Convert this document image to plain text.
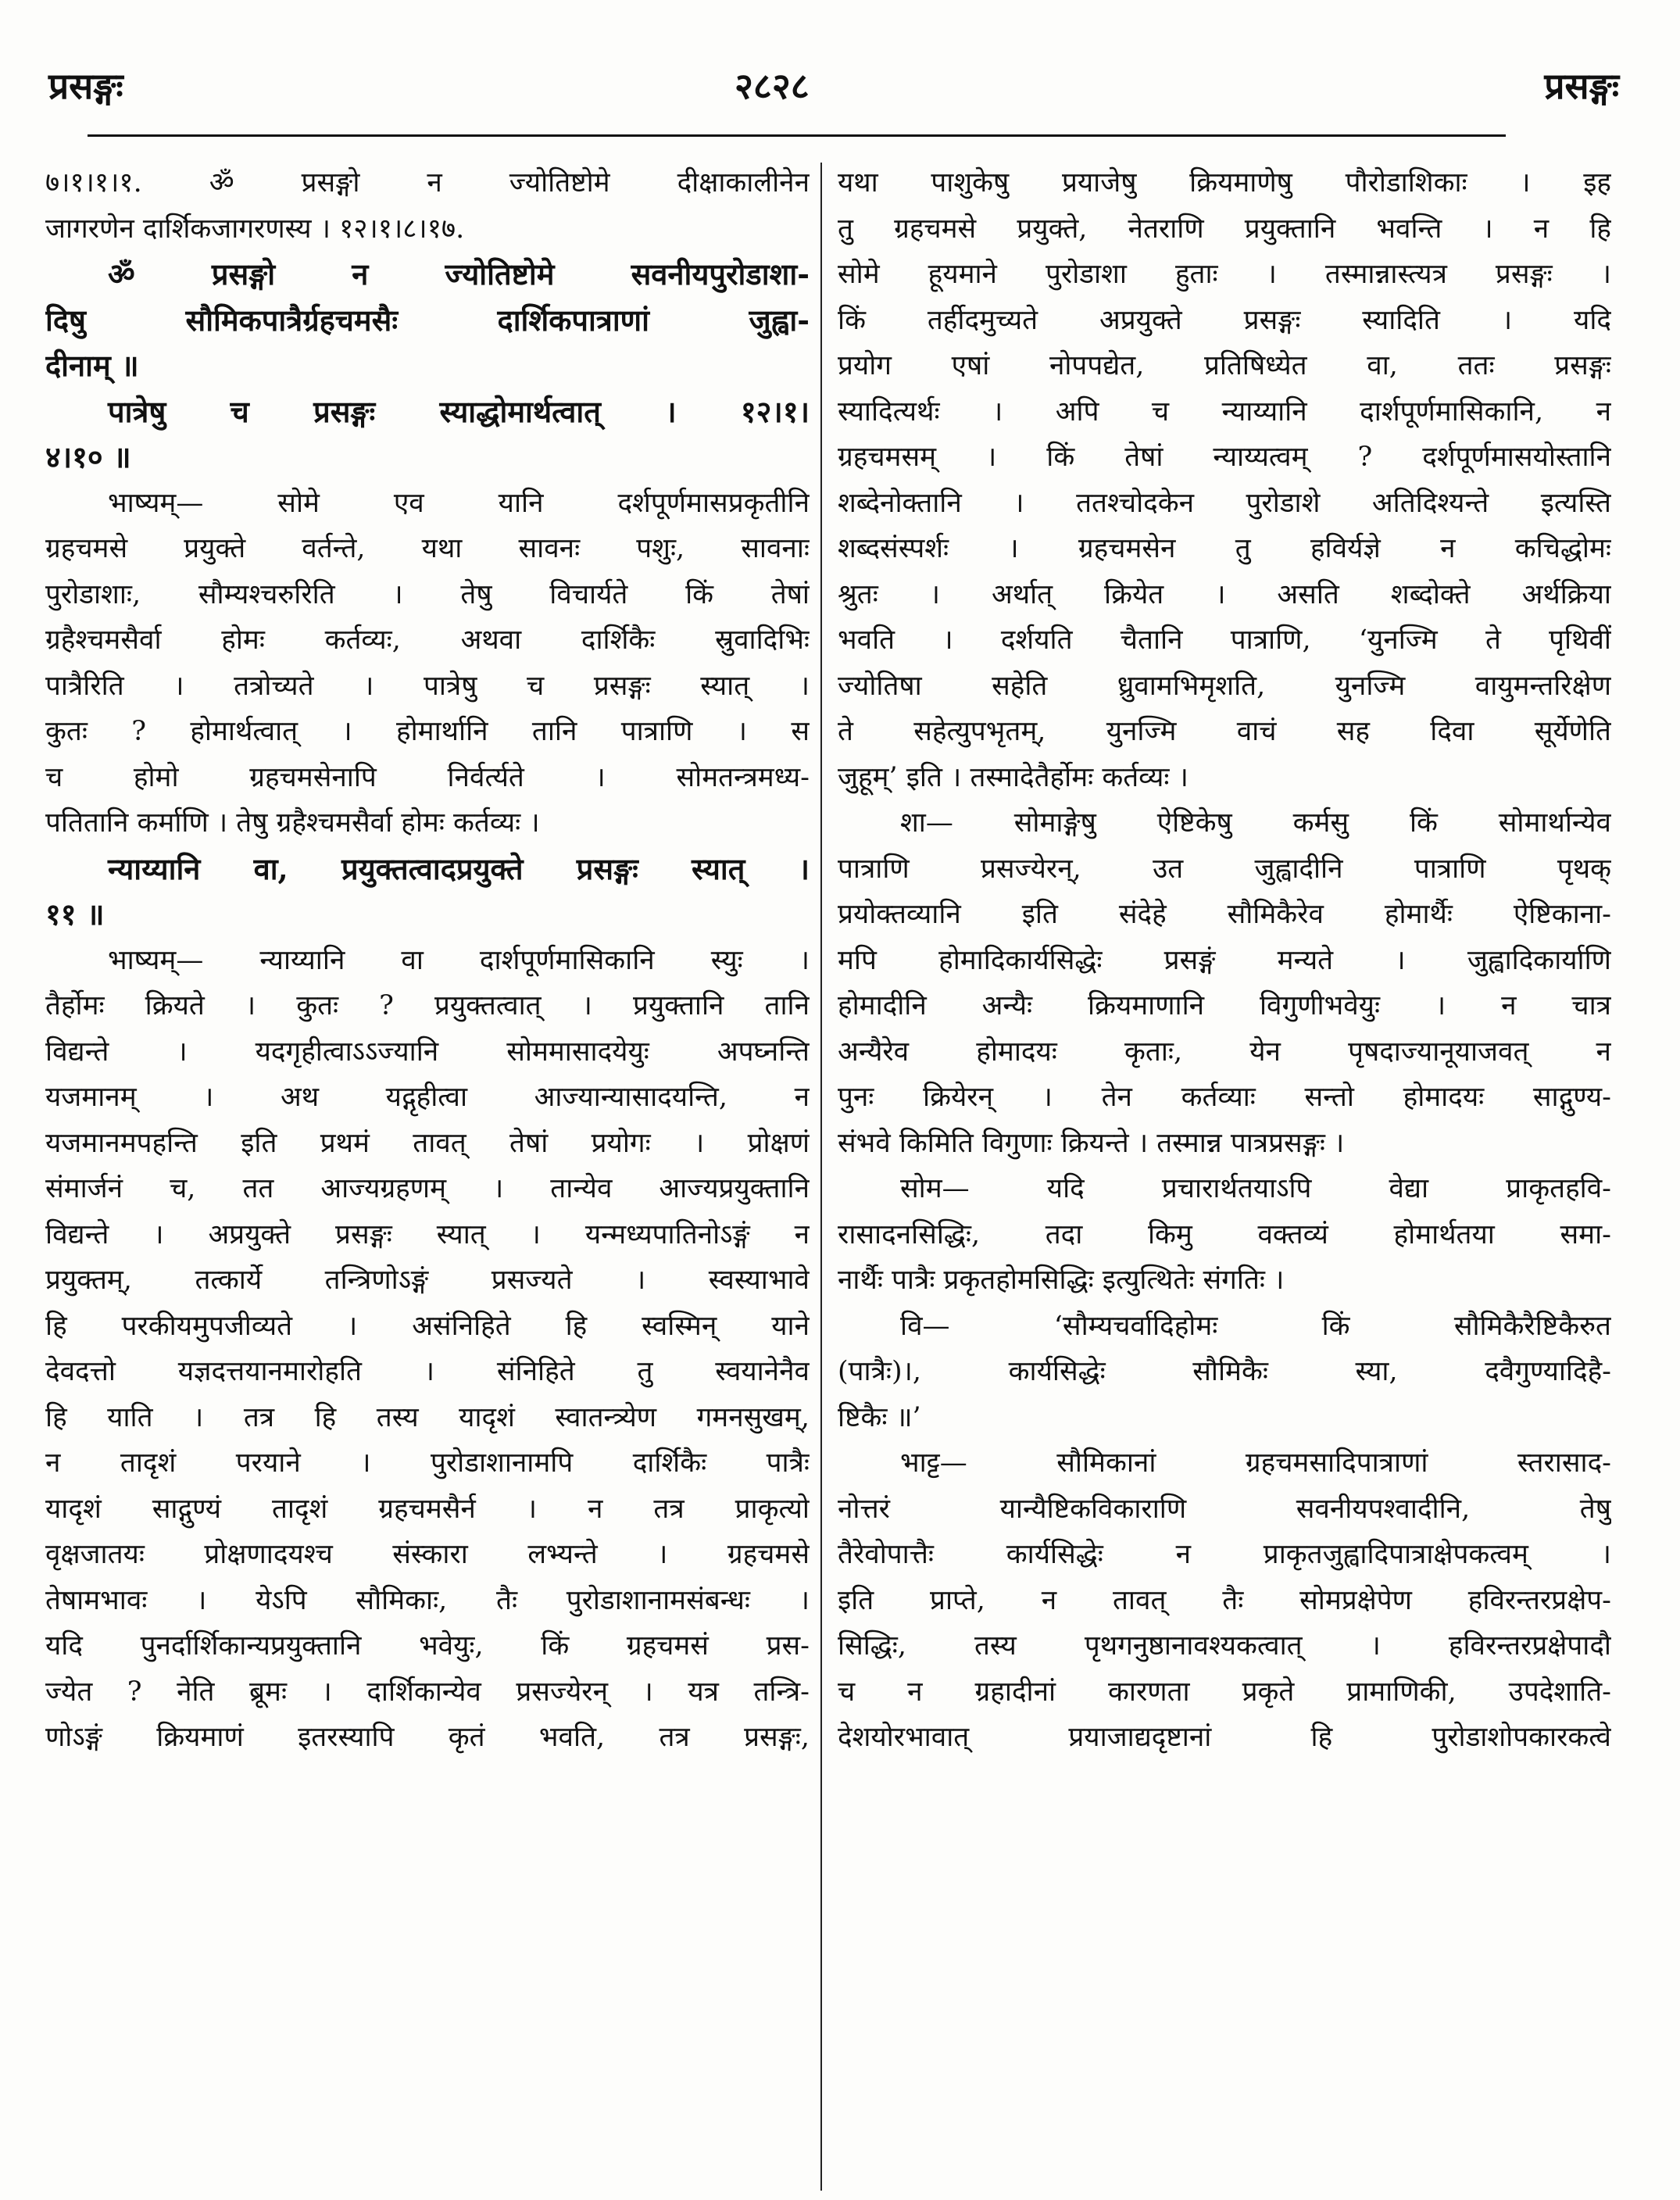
प्रसङ्गः	२८२८	प्रसङ्गः
७।१।१।१. ॐ प्रसङ्गो न ज्योतिष्टोमे दीक्षाकालीनेन
जागरणेन दार्शिकजागरणस्य । १२।१।८।१७.
ॐ प्रसङ्गो न ज्योतिष्टोमे सवनीयपुरोडाशा-
दिषु सौमिकपात्रैर्ग्रहचमसैः दार्शिकपात्राणां जुह्वा-
दीनाम् ॥
पात्रेषु च प्रसङ्गः स्याद्धोमार्थत्वात् । १२।१।
४।१० ॥
भाष्यम्— सोमे एव यानि दर्शपूर्णमासप्रकृतीनि
ग्रहचमसे प्रयुक्ते वर्तन्ते, यथा सावनः पशुः, सावनाः
पुरोडाशाः, सौम्यश्चरुरिति । तेषु विचार्यते किं तेषां
ग्रहैश्चमसैर्वा होमः कर्तव्यः, अथवा दार्शिकैः स्रुवादिभिः
पात्रैरिति । तत्रोच्यते । पात्रेषु च प्रसङ्गः स्यात् ।
कुतः ? होमार्थत्वात् । होमार्थानि तानि पात्राणि । स
च होमो ग्रहचमसेनापि निर्वर्त्यते । सोमतन्त्रमध्य-
पतितानि कर्माणि । तेषु ग्रहैश्चमसैर्वा होमः कर्तव्यः ।
न्याय्यानि वा, प्रयुक्तत्वादप्रयुक्ते प्रसङ्गः स्यात् ।
११ ॥
भाष्यम्— न्याय्यानि वा दार्शपूर्णमासिकानि स्युः ।
तैर्होमः क्रियते । कुतः ? प्रयुक्तत्वात् । प्रयुक्तानि तानि
विद्यन्ते । यदगृहीत्वाऽऽज्यानि सोममासादयेयुः अपघ्नन्ति
यजमानम् । अथ यद्गृहीत्वा आज्यान्यासादयन्ति, न
यजमानमपहन्ति इति प्रथमं तावत् तेषां प्रयोगः । प्रोक्षणं
संमार्जनं च, तत आज्यग्रहणम् । तान्येव आज्यप्रयुक्तानि
विद्यन्ते । अप्रयुक्ते प्रसङ्गः स्यात् । यन्मध्यपातिनोऽङ्गं न
प्रयुक्तम्, तत्कार्ये तन्त्रिणोऽङ्गं प्रसज्यते । स्वस्याभावे
हि परकीयमुपजीव्यते । असंनिहिते हि स्वस्मिन् याने
देवदत्तो यज्ञदत्तयानमारोहति । संनिहिते तु स्वयानेनैव
हि याति । तत्र हि तस्य यादृशं स्वातन्त्र्येण गमनसुखम्,
न तादृशं परयाने । पुरोडाशानामपि दार्शिकैः पात्रैः
यादृशं साद्गुण्यं तादृशं ग्रहचमसैर्न । न तत्र प्राकृत्यो
वृक्षजातयः प्रोक्षणादयश्च संस्कारा लभ्यन्ते । ग्रहचमसे
तेषामभावः । येऽपि सौमिकाः, तैः पुरोडाशानामसंबन्धः ।
यदि पुनर्दार्शिकान्यप्रयुक्तानि भवेयुः, किं ग्रहचमसं प्रस-
ज्येत ? नेति ब्रूमः । दार्शिकान्येव प्रसज्येरन् । यत्र तन्त्रि-
णोऽङ्गं क्रियमाणं इतरस्यापि कृतं भवति, तत्र प्रसङ्गः,
यथा पाशुकेषु प्रयाजेषु क्रियमाणेषु पौरोडाशिकाः । इह
तु ग्रहचमसे प्रयुक्ते, नेतराणि प्रयुक्तानि भवन्ति । न हि
सोमे हूयमाने पुरोडाशा हुताः । तस्मान्नास्त्यत्र प्रसङ्गः ।
किं तर्हीदमुच्यते अप्रयुक्ते प्रसङ्गः स्यादिति । यदि
प्रयोग एषां नोपपद्येत, प्रतिषिध्येत वा, ततः प्रसङ्गः
स्यादित्यर्थः । अपि च न्याय्यानि दार्शपूर्णमासिकानि, न
ग्रहचमसम् । किं तेषां न्याय्यत्वम् ? दर्शपूर्णमासयोस्तानि
शब्देनोक्तानि । ततश्चोदकेन पुरोडाशे अतिदिश्यन्ते इत्यस्ति
शब्दसंस्पर्शः । ग्रहचमसेन तु हविर्यज्ञे न कचिद्धोमः
श्रुतः । अर्थात् क्रियेत । असति शब्दोक्ते अर्थक्रिया
भवति । दर्शयति चैतानि पात्राणि, ‘युनज्मि ते पृथिवीं
ज्योतिषा सहेति ध्रुवामभिमृशति, युनज्मि वायुमन्तरिक्षेण
ते सहेत्युपभृतम्, युनज्मि वाचं सह दिवा सूर्येणेति
जुहूम्’ इति । तस्मादेतैर्होमः कर्तव्यः ।
शा— सोमाङ्गेषु ऐष्टिकेषु कर्मसु किं सोमार्थान्येव
पात्राणि प्रसज्येरन्, उत जुह्वादीनि पात्राणि पृथक्
प्रयोक्तव्यानि इति संदेहे सौमिकैरेव होमार्थैः ऐष्टिकाना-
मपि होमादिकार्यसिद्धेः प्रसङ्गं मन्यते । जुह्वादिकार्याणि
होमादीनि अन्यैः क्रियमाणानि विगुणीभवेयुः । न चात्र
अन्यैरेव होमादयः कृताः, येन पृषदाज्यानूयाजवत् न
पुनः क्रियेरन् । तेन कर्तव्याः सन्तो होमादयः साद्गुण्य-
संभवे किमिति विगुणाः क्रियन्ते । तस्मान्न पात्रप्रसङ्गः ।
सोम— यदि प्रचारार्थतयाऽपि वेद्या प्राकृतहवि-
रासादनसिद्धिः, तदा किमु वक्तव्यं होमार्थतया समा-
नार्थैः पात्रैः प्रकृतहोमसिद्धिः इत्युत्थितेः संगतिः ।
वि— ‘सौम्यचर्वादिहोमः किं सौमिकैरैष्टिकैरुत
(पात्रैः)।, कार्यसिद्धेः सौमिकैः स्या, दवैगुण्यादिहै-
ष्टिकैः ॥’
भाट्ट— सौमिकानां ग्रहचमसादिपात्राणां स्तरासाद-
नोत्तरं यान्यैष्टिकविकाराणि सवनीयपश्वादीनि, तेषु
तैरेवोपात्तैः कार्यसिद्धेः न प्राकृतजुह्वादिपात्राक्षेपकत्वम् ।
इति प्राप्ते, न तावत् तैः सोमप्रक्षेपेण हविरन्तरप्रक्षेप-
सिद्धिः, तस्य पृथगनुष्ठानावश्यकत्वात् । हविरन्तरप्रक्षेपादौ
च न ग्रहादीनां कारणता प्रकृते प्रामाणिकी, उपदेशाति-
देशयोरभावात् प्रयाजाद्यदृष्टानां हि पुरोडाशोपकारकत्वे
